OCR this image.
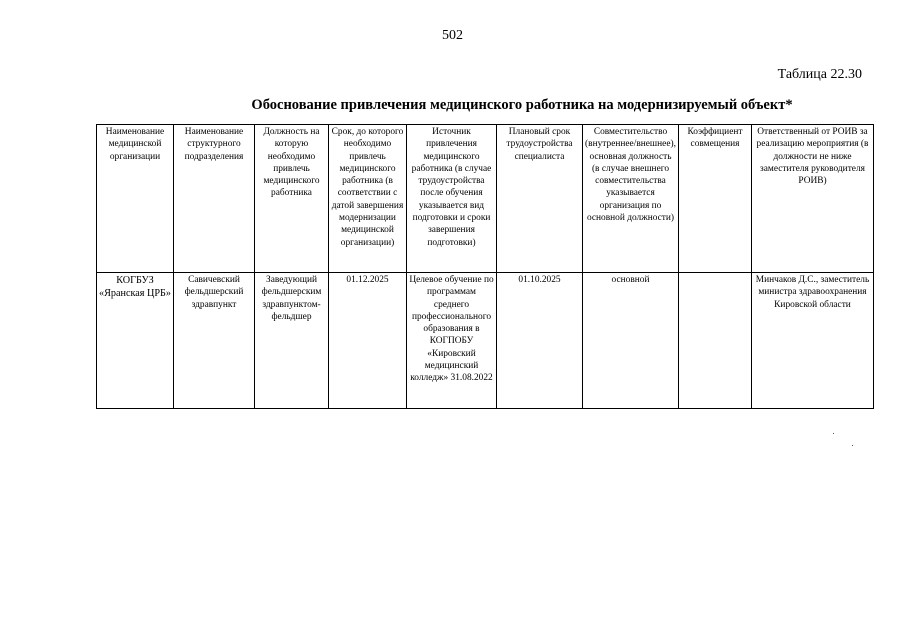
502
Таблица 22.30
Обоснование привлечения медицинского работника на модернизируемый объект*
Наименование медицинской организации	Наименование структурного подразделения	Должность на которую необходимо привлечь медицинского работника	Срок, до которого необходимо привлечь медицинского работника (в соответствии с датой завершения модернизации медицинской организации)	Источник привлечения медицинского работника (в случае трудоустройства после обучения указывается вид подготовки и сроки завершения подготовки)	Плановый срок трудоустройства специалиста	Совместительство (внутреннее/внешнее), основная должность (в случае внешнего совместительства указывается организация по основной должности)	Коэффициент совмещения	Ответственный от РОИВ за реализацию мероприятия (в должности не ниже заместителя руководителя РОИВ)
КОГБУЗ «Яранская ЦРБ»	Савичевский фельдшерский здравпункт	Заведующий фельдшерским здравпунктом-фельдшер	01.12.2025	Целевое обучение по программам среднего профессионального образования в КОГПОБУ «Кировский медицинский колледж» 31.08.2022	01.10.2025	основной		Минчаков Д.С., заместитель министра здравоохранения Кировской области
